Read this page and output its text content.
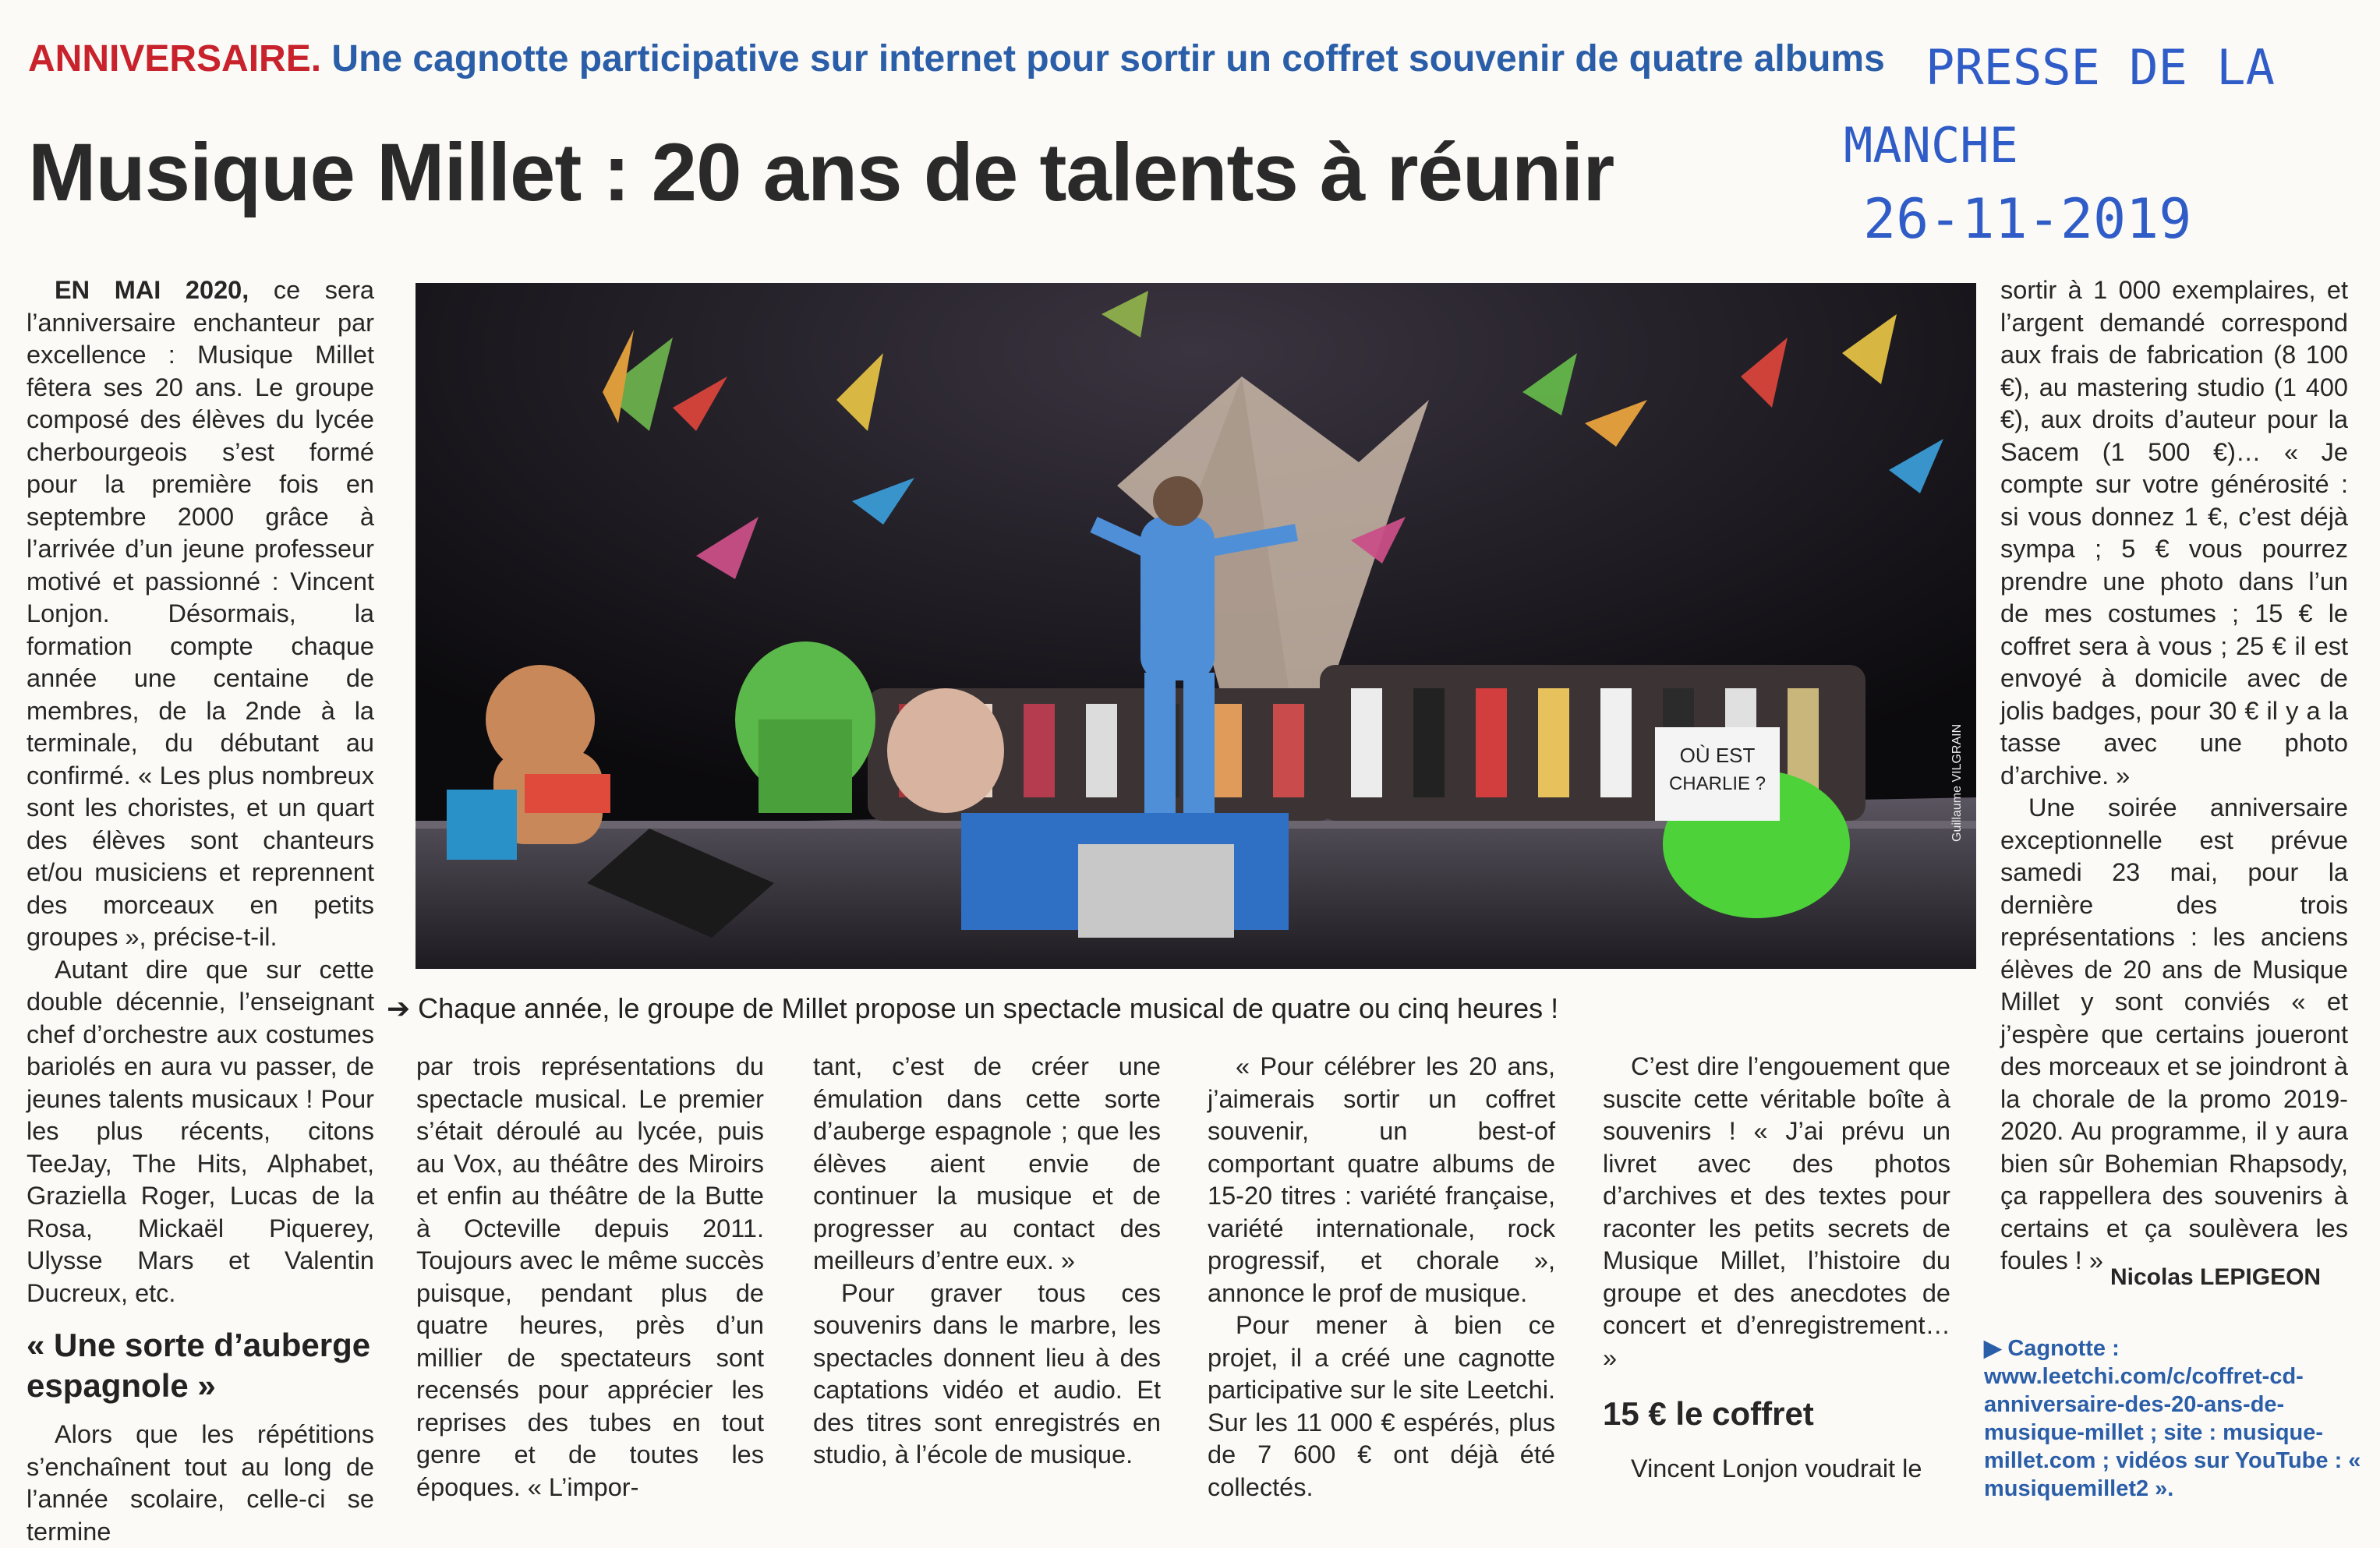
ANNIVERSAIRE. Une cagnotte participative sur internet pour sortir un coffret souvenir de quatre albums
Musique Millet : 20 ans de talents à réunir
PRESSE DE LA
MANCHE
26-11-2019

EN MAI 2020, ce sera l’anniversaire enchanteur par excellence : Musique Millet fêtera ses 20 ans. Le groupe composé des élèves du lycée cherbourgeois s’est formé pour la première fois en septembre 2000 grâce à l’arrivée d’un jeune professeur motivé et passionné : Vincent Lonjon. Désormais, la formation compte chaque année une centaine de membres, de la 2nde à la terminale, du débutant au confirmé. « Les plus nombreux sont les choristes, et un quart des élèves sont chanteurs et/ou musiciens et reprennent des morceaux en petits groupes », précise-t-il.

Autant dire que sur cette double décennie, l’enseignant chef d’orchestre aux costumes bariolés en aura vu passer, de jeunes talents musicaux ! Pour les plus récents, citons TeeJay, The Hits, Alphabet, Graziella Roger, Lucas de la Rosa, Mickaël Piquerey, Ulysse Mars et Valentin Ducreux, etc.

« Une sorte d’auberge espagnole »

Alors que les répétitions s’enchaînent tout au long de l’année scolaire, celle-ci se termine

OÙ EST
CHARLIE ?	Guillaume VILGRAIN
➔ Chaque année, le groupe de Millet propose un spectacle musical de quatre ou cinq heures !

par trois représentations du spectacle musical. Le premier s’était déroulé au lycée, puis au Vox, au théâtre des Miroirs et enfin au théâtre de la Butte à Octeville depuis 2011. Toujours avec le même succès puisque, pendant plus de quatre heures, près d’un millier de spectateurs sont recensés pour apprécier les reprises des tubes en tout genre et de toutes les époques. « L’impor-

tant, c’est de créer une émulation dans cette sorte d’auberge espagnole ; que les élèves aient envie de continuer la musique et de progresser au contact des meilleurs d’entre eux. »

Pour graver tous ces souvenirs dans le marbre, les spectacles donnent lieu à des captations vidéo et audio. Et des titres sont enregistrés en studio, à l’école de musique.

« Pour célébrer les 20 ans, j’aimerais sortir un coffret souvenir, un best-of comportant quatre albums de 15-20 titres : variété française, variété internationale, rock progressif, et chorale », annonce le prof de musique.

Pour mener à bien ce projet, il a créé une cagnotte participative sur le site Leetchi. Sur les 11 000 € espérés, plus de 7 600 € ont déjà été collectés.

C’est dire l’engouement que suscite cette véritable boîte à souvenirs ! « J’ai prévu un livret avec des photos d’archives et des textes pour raconter les petits secrets de Musique Millet, l’histoire du groupe et des anecdotes de concert et d’enregistrement… »

15 € le coffret

Vincent Lonjon voudrait le

sortir à 1 000 exemplaires, et l’argent demandé correspond aux frais de fabrication (8 100 €), au mastering studio (1 400 €), aux droits d’auteur pour la Sacem (1 500 €)… « Je compte sur votre générosité : si vous donnez 1 €, c’est déjà sympa ; 5 € vous pourrez prendre une photo dans l’un de mes costumes ; 15 € le coffret sera à vous ; 25 € il est envoyé à domicile avec de jolis badges, pour 30 € il y a la tasse avec une photo d’archive. »

Une soirée anniversaire exceptionnelle est prévue samedi 23 mai, pour la dernière des trois représentations : les anciens élèves de 20 ans de Musique Millet y sont conviés « et j’espère que certains joueront des morceaux et se joindront à la chorale de la promo 2019-2020. Au programme, il y aura bien sûr Bohemian Rhapsody, ça rappellera des souvenirs à certains et ça soulèvera les foules ! »

Nicolas LEPIGEON
▶ Cagnotte : www.leetchi.com/c/coffret-cd-anniversaire-des-20-ans-de-musique-millet ; site : musique-millet.com ; vidéos sur YouTube : « musiquemillet2 ».
